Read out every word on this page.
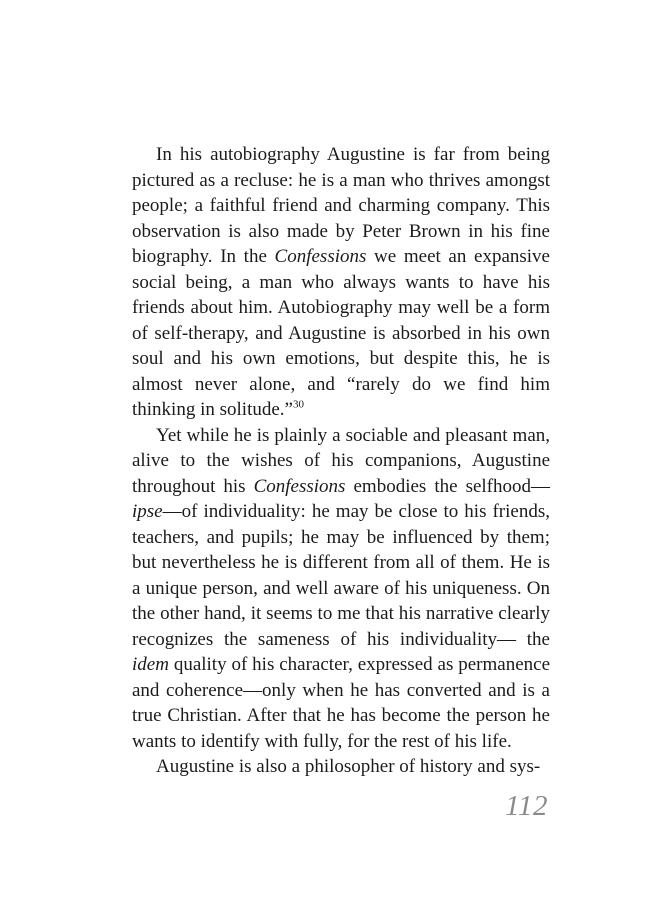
In his autobiography Augustine is far from being pictured as a recluse: he is a man who thrives amongst people; a faithful friend and charming company. This observation is also made by Peter Brown in his fine biography. In the Confessions we meet an expansive social being, a man who always wants to have his friends about him. Autobiography may well be a form of self-therapy, and Augustine is absorbed in his own soul and his own emotions, but despite this, he is almost never alone, and “rarely do we find him thinking in solitude.”$^{30}$

Yet while he is plainly a sociable and pleasant man, alive to the wishes of his companions, Augustine throughout his Confessions embodies the selfhood—ipse—of individuality: he may be close to his friends, teachers, and pupils; he may be influenced by them; but nevertheless he is different from all of them. He is a unique person, and well aware of his uniqueness. On the other hand, it seems to me that his narrative clearly recognizes the sameness of his individuality— the idem quality of his character, expressed as permanence and coherence—only when he has converted and is a true Christian. After that he has become the person he wants to identify with fully, for the rest of his life.

Augustine is also a philosopher of history and sys-

112
